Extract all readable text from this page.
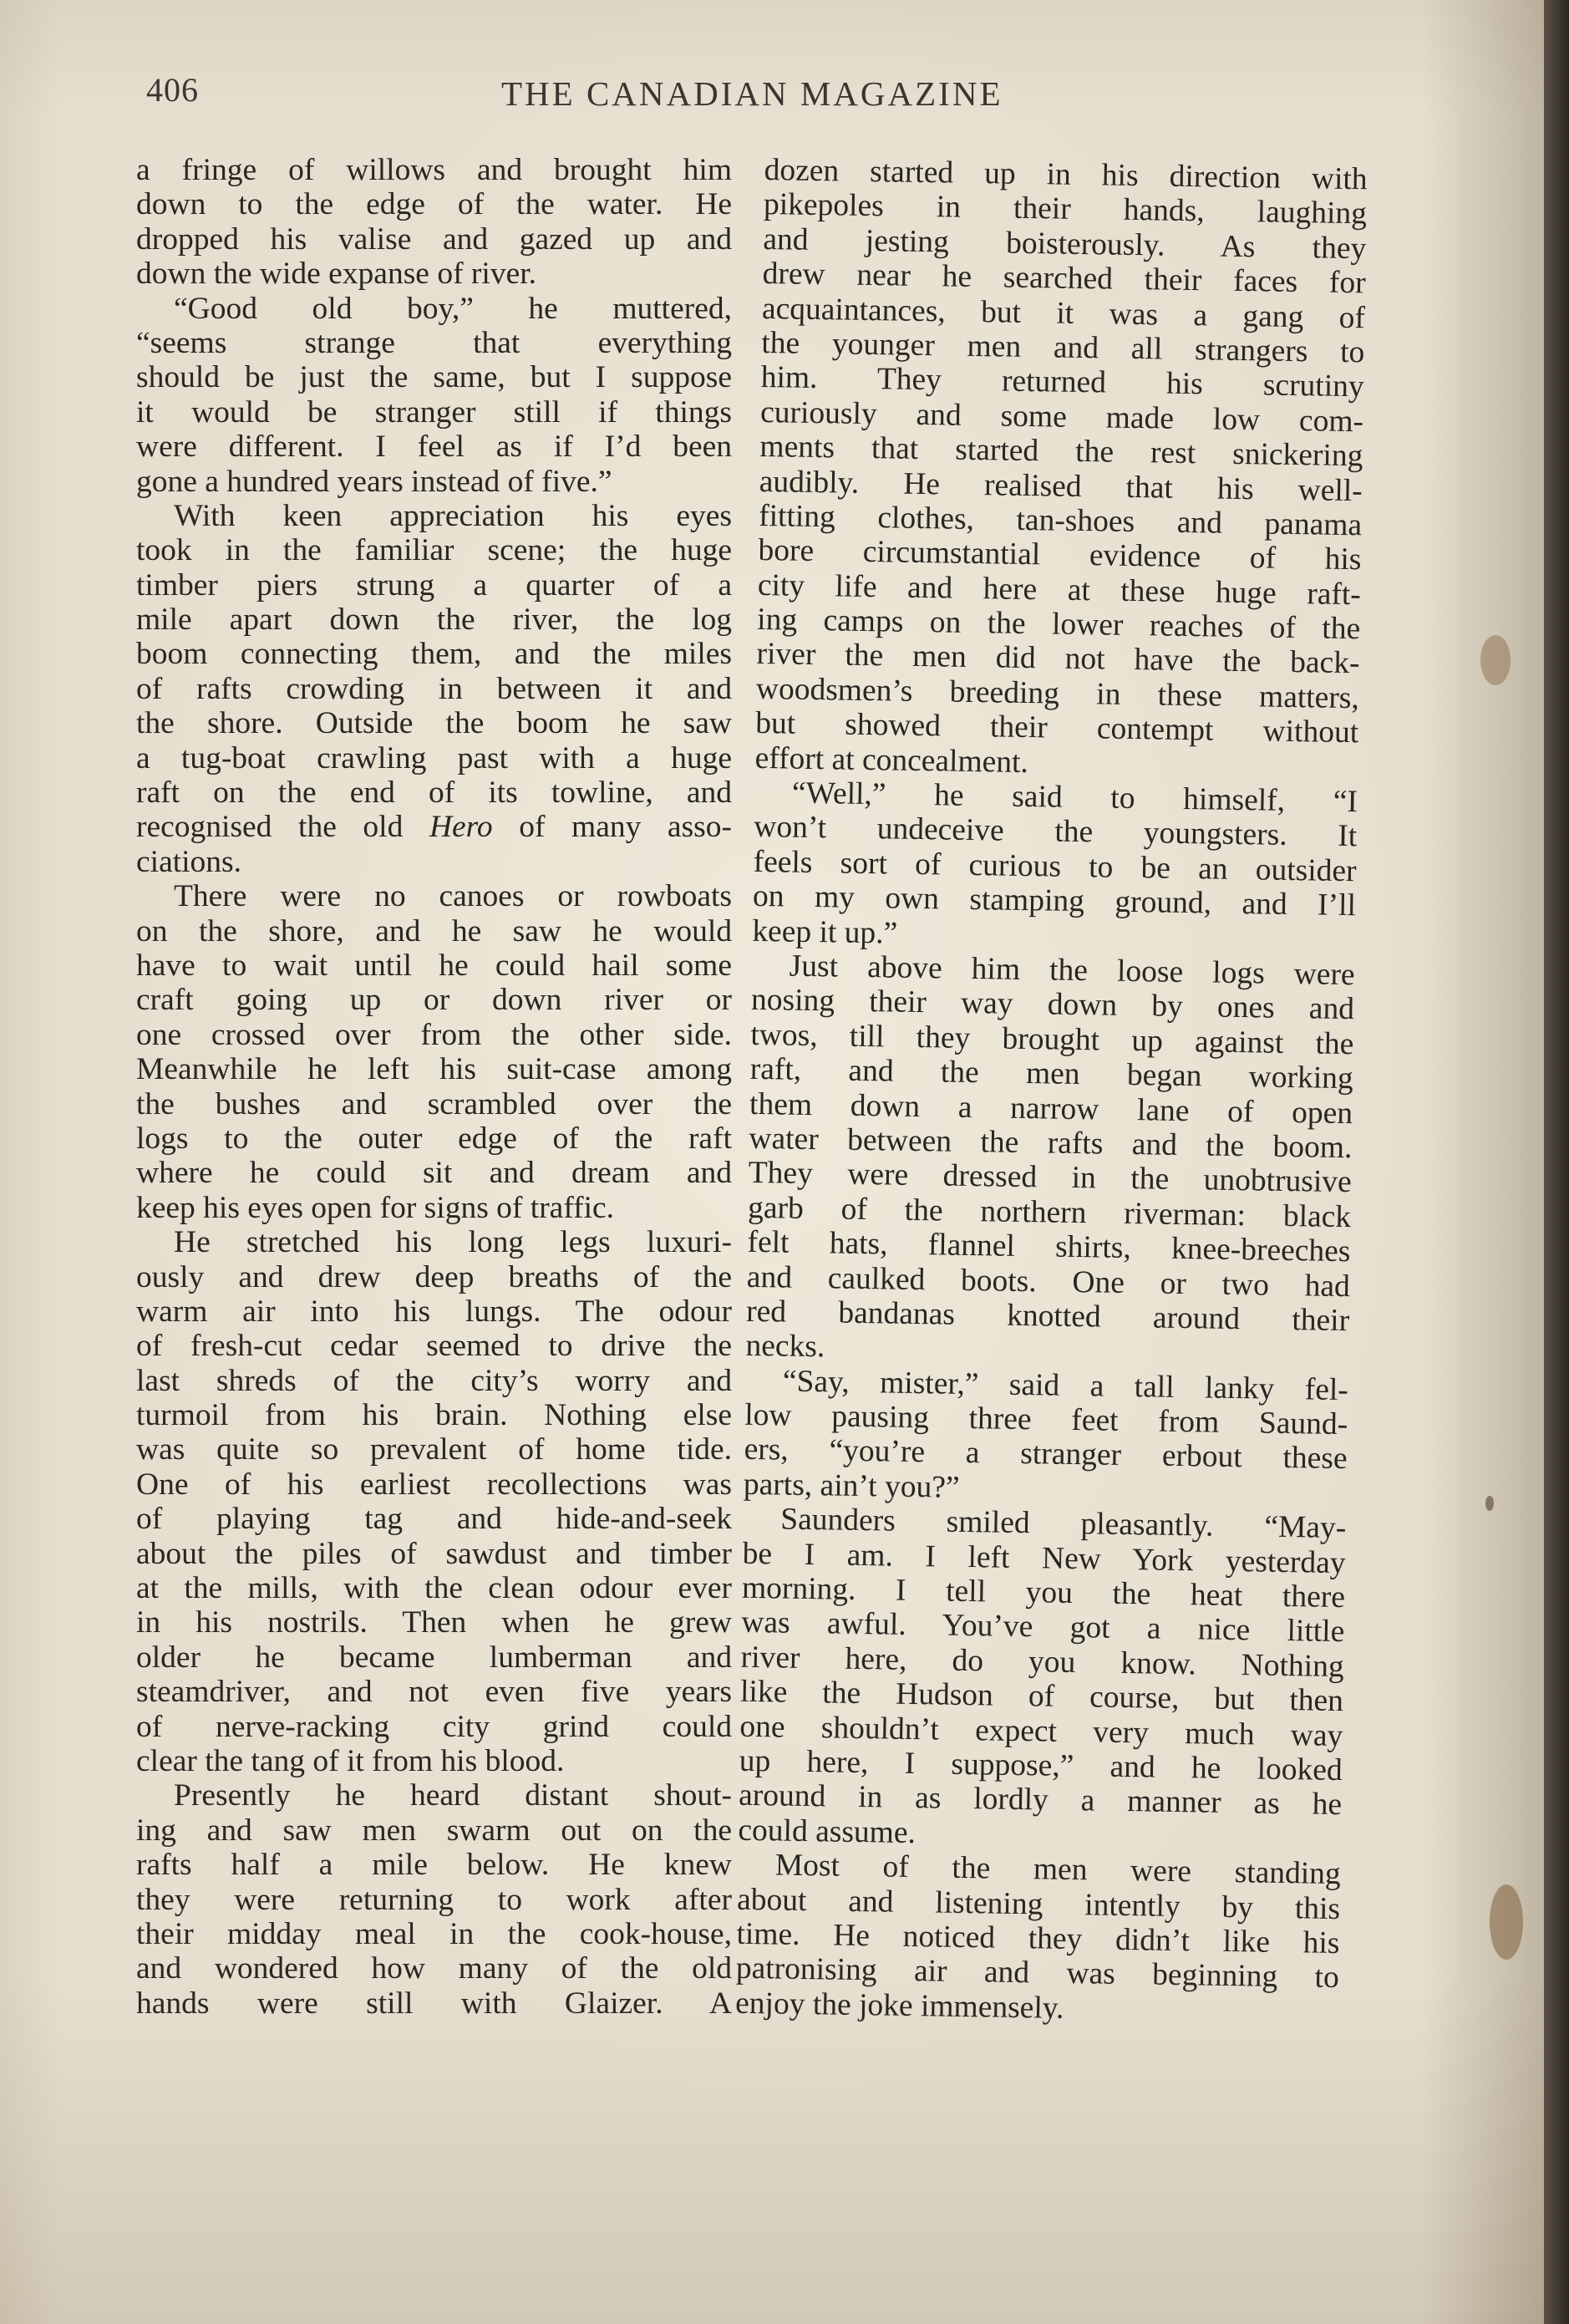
406	THE CANADIAN MAGAZINE
a fringe of willows and brought him
down to the edge of the water. He
dropped his valise and gazed up and
down the wide expanse of river.
“Good old boy,” he muttered,
“seems strange that everything
should be just the same, but I suppose
it would be stranger still if things
were different. I feel as if I’d been
gone a hundred years instead of five.”
With keen appreciation his eyes
took in the familiar scene; the huge
timber piers strung a quarter of a
mile apart down the river, the log
boom connecting them, and the miles
of rafts crowding in between it and
the shore. Outside the boom he saw
a tug-boat crawling past with a huge
raft on the end of its towline, and
recognised the old Hero of many asso-
ciations.
There were no canoes or rowboats
on the shore, and he saw he would
have to wait until he could hail some
craft going up or down river or
one crossed over from the other side.
Meanwhile he left his suit-case among
the bushes and scrambled over the
logs to the outer edge of the raft
where he could sit and dream and
keep his eyes open for signs of traffic.
He stretched his long legs luxuri-
ously and drew deep breaths of the
warm air into his lungs. The odour
of fresh-cut cedar seemed to drive the
last shreds of the city’s worry and
turmoil from his brain. Nothing else
was quite so prevalent of home tide.
One of his earliest recollections was
of playing tag and hide-and-seek
about the piles of sawdust and timber
at the mills, with the clean odour ever
in his nostrils. Then when he grew
older he became lumberman and
steamdriver, and not even five years
of nerve-racking city grind could
clear the tang of it from his blood.
Presently he heard distant shout-
ing and saw men swarm out on the
rafts half a mile below. He knew
they were returning to work after
their midday meal in the cook-house,
and wondered how many of the old
hands were still with Glaizer. A
dozen started up in his direction with
pikepoles in their hands, laughing
and jesting boisterously. As they
drew near he searched their faces for
acquaintances, but it was a gang of
the younger men and all strangers to
him. They returned his scrutiny
curiously and some made low com-
ments that started the rest snickering
audibly. He realised that his well-
fitting clothes, tan-shoes and panama
bore circumstantial evidence of his
city life and here at these huge raft-
ing camps on the lower reaches of the
river the men did not have the back-
woodsmen’s breeding in these matters,
but showed their contempt without
effort at concealment.
“Well,” he said to himself, “I
won’t undeceive the youngsters. It
feels sort of curious to be an outsider
on my own stamping ground, and I’ll
keep it up.”
Just above him the loose logs were
nosing their way down by ones and
twos, till they brought up against the
raft, and the men began working
them down a narrow lane of open
water between the rafts and the boom.
They were dressed in the unobtrusive
garb of the northern riverman: black
felt hats, flannel shirts, knee-breeches
and caulked boots. One or two had
red bandanas knotted around their
necks.
“Say, mister,” said a tall lanky fel-
low pausing three feet from Saund-
ers, “you’re a stranger erbout these
parts, ain’t you?”
Saunders smiled pleasantly. “May-
be I am. I left New York yesterday
morning. I tell you the heat there
was awful. You’ve got a nice little
river here, do you know. Nothing
like the Hudson of course, but then
one shouldn’t expect very much way
up here, I suppose,” and he looked
around in as lordly a manner as he
could assume.
Most of the men were standing
about and listening intently by this
time. He noticed they didn’t like his
patronising air and was beginning to
enjoy the joke immensely.
